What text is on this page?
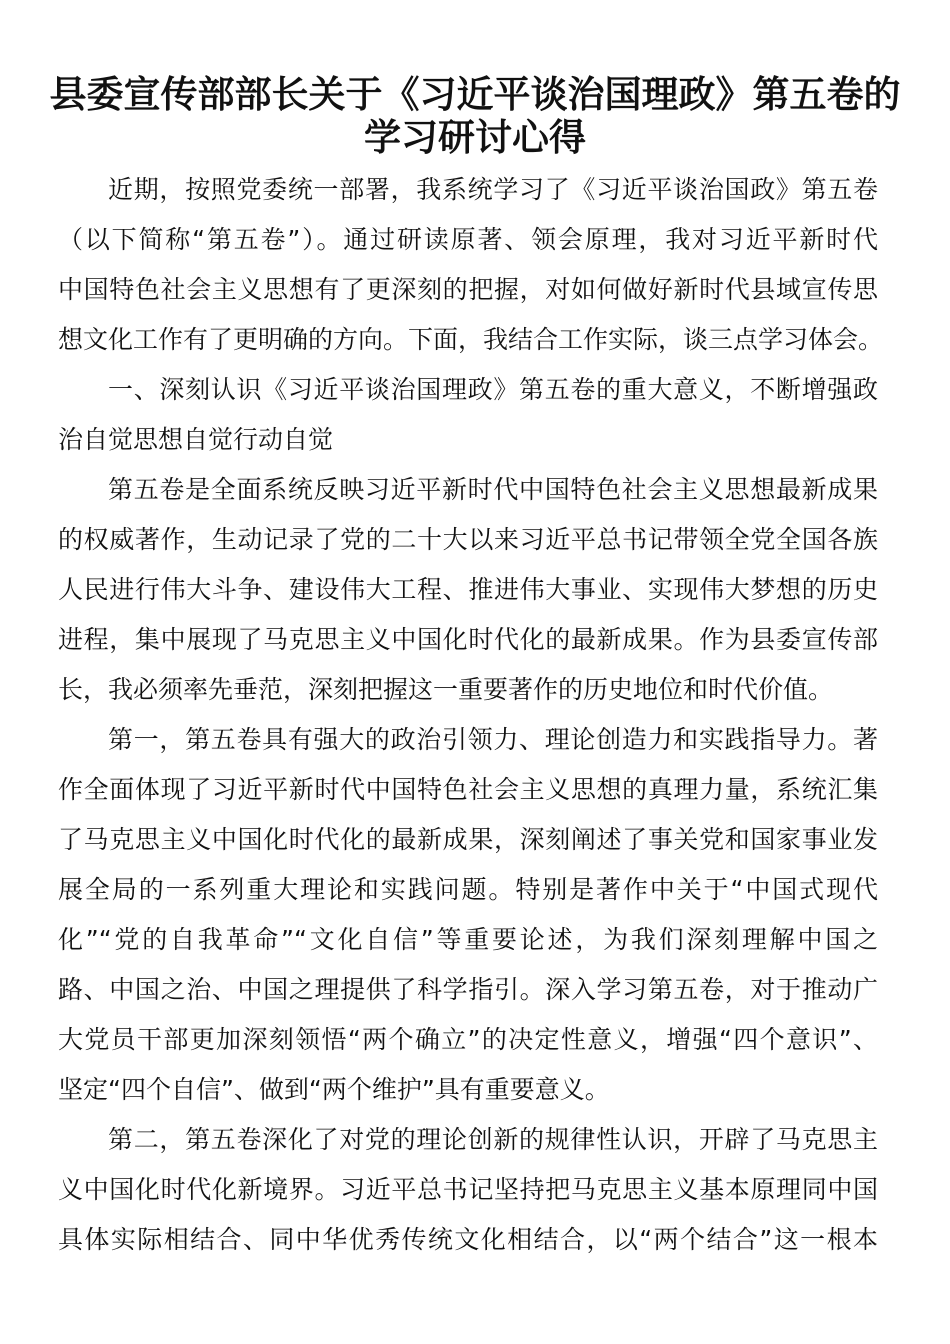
县委宣传部部长关于《习近平谈治国理政》第五卷的
学习研讨心得
近期，按照党委统一部署，我系统学习了《习近平谈治国政》第五卷
（以下简称“第五卷”）。通过研读原著、领会原理，我对习近平新时代
中国特色社会主义思想有了更深刻的把握，对如何做好新时代县域宣传思
想文化工作有了更明确的方向。下面，我结合工作实际，谈三点学习体会。
一、深刻认识《习近平谈治国理政》第五卷的重大意义，不断增强政
治自觉思想自觉行动自觉
第五卷是全面系统反映习近平新时代中国特色社会主义思想最新成果
的权威著作，生动记录了党的二十大以来习近平总书记带领全党全国各族
人民进行伟大斗争、建设伟大工程、推进伟大事业、实现伟大梦想的历史
进程，集中展现了马克思主义中国化时代化的最新成果。作为县委宣传部
长，我必须率先垂范，深刻把握这一重要著作的历史地位和时代价值。
第一，第五卷具有强大的政治引领力、理论创造力和实践指导力。著
作全面体现了习近平新时代中国特色社会主义思想的真理力量，系统汇集
了马克思主义中国化时代化的最新成果，深刻阐述了事关党和国家事业发
展全局的一系列重大理论和实践问题。特别是著作中关于“中国式现代
化”“党的自我革命”“文化自信”等重要论述，为我们深刻理解中国之
路、中国之治、中国之理提供了科学指引。深入学习第五卷，对于推动广
大党员干部更加深刻领悟“两个确立”的决定性意义，增强“四个意识”、
坚定“四个自信”、做到“两个维护”具有重要意义。
第二，第五卷深化了对党的理论创新的规律性认识，开辟了马克思主
义中国化时代化新境界。习近平总书记坚持把马克思主义基本原理同中国
具体实际相结合、同中华优秀传统文化相结合，以“两个结合”这一根本
